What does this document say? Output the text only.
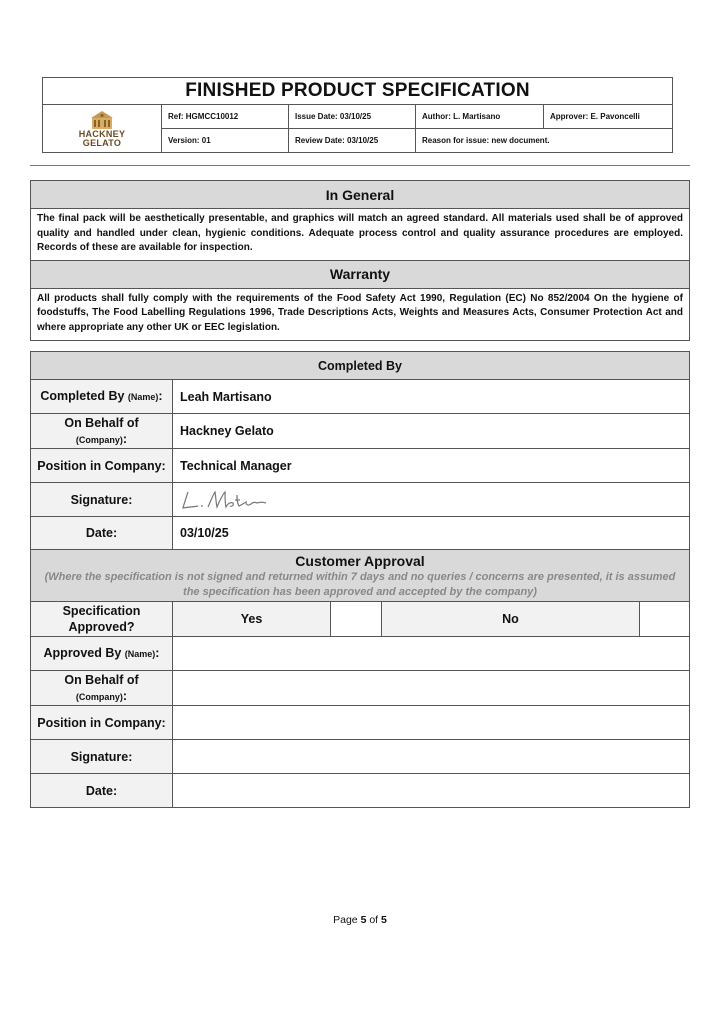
FINISHED PRODUCT SPECIFICATION				

HACKNEY
GELATO	Ref: HGMCC10012	Issue Date: 03/10/25	Author: L. Martisano	Approver: E. Pavoncelli
	Version: 01	Review Date: 03/10/25	Reason for issue: new document.	
In General
The final pack will be aesthetically presentable, and graphics will match an agreed standard. All materials used shall be of approved quality and handled under clean, hygienic conditions. Adequate process control and quality assurance procedures are employed. Records of these are available for inspection.
Warranty
All products shall fully comply with the requirements of the Food Safety Act 1990, Regulation (EC) No 852/2004 On the hygiene of foodstuffs, The Food Labelling Regulations 1996, Trade Descriptions Acts, Weights and Measures Acts, Consumer Protection Act and where appropriate any other UK or EEC legislation.
Completed By				
Completed By (Name):	Leah Martisano			
On Behalf of
(Company):	Hackney Gelato			
Position in Company:	Technical Manager			
Signature:	

Date:	03/10/25			

Customer Approval
(Where the specification is not signed and returned within 7 days and no queries / concerns are presented, it is assumed the specification has been approved and accepted by the company)				

Specification Approved?	Yes		No	
Approved By (Name):				
On Behalf of
(Company):				
Position in Company:				
Signature:				
Date:				
Page 5 of 5
